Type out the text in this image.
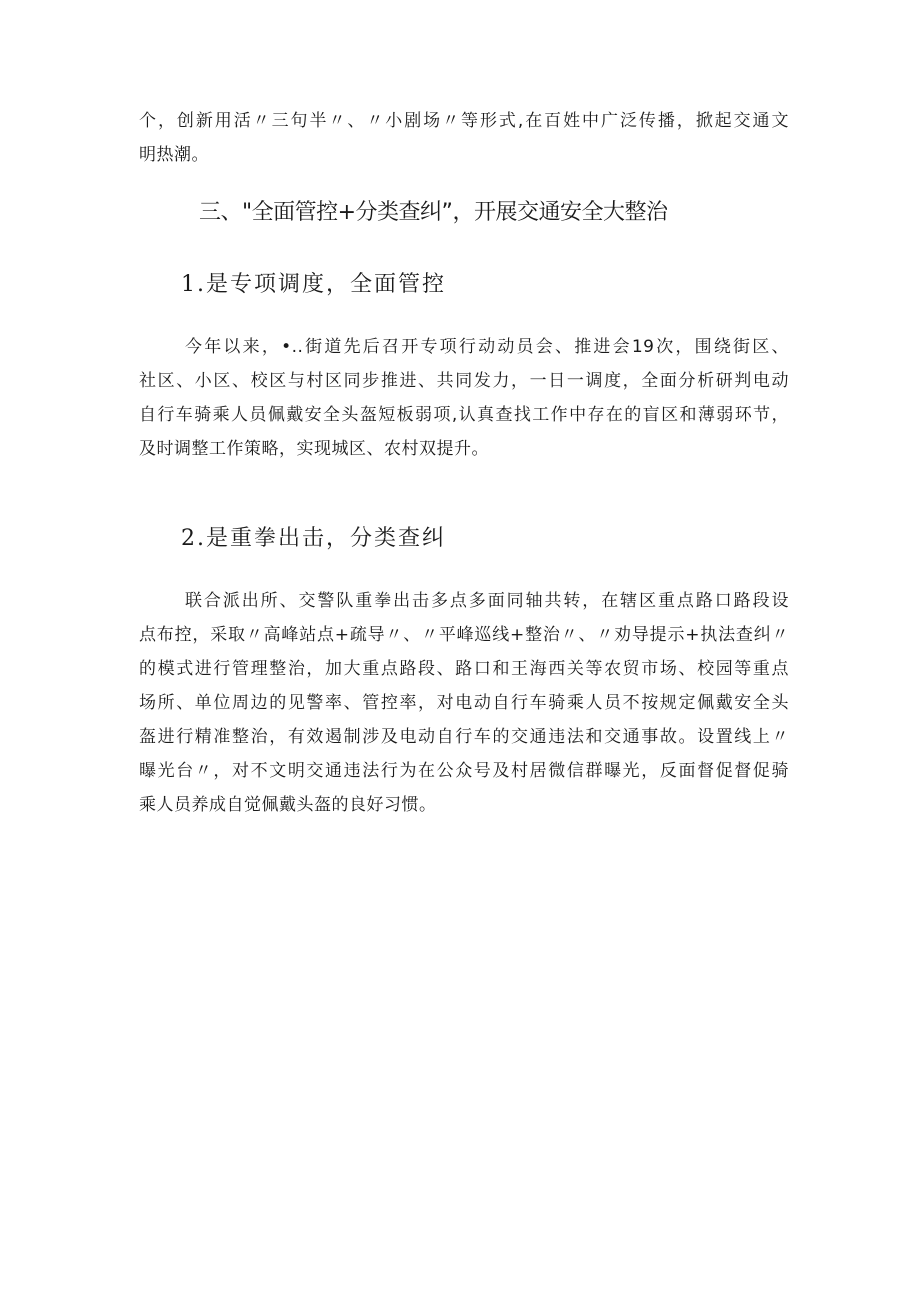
个，创新用活〃三句半〃、〃小剧场〃等形式,在百姓中广泛传播，掀起交通文
明热潮。
三、"全面管控+分类查纠”，开展交通安全大整治
1.是专项调度，全面管控
今年以来，•..街道先后召开专项行动动员会、推进会19次，围绕街区、
社区、小区、校区与村区同步推进、共同发力，一日一调度，全面分析研判电动
自行车骑乘人员佩戴安全头盔短板弱项,认真查找工作中存在的盲区和薄弱环节，
及时调整工作策略，实现城区、农村双提升。
2.是重拳出击，分类查纠
联合派出所、交警队重拳出击多点多面同轴共转，在辖区重点路口路段设
点布控，采取〃高峰站点+疏导〃、〃平峰巡线+整治〃、〃劝导提示+执法查纠〃
的模式进行管理整治，加大重点路段、路口和王海西关等农贸市场、校园等重点
场所、单位周边的见警率、管控率，对电动自行车骑乘人员不按规定佩戴安全头
盔进行精准整治，有效遏制涉及电动自行车的交通违法和交通事故。设置线上〃
曝光台〃，对不文明交通违法行为在公众号及村居微信群曝光，反面督促督促骑
乘人员养成自觉佩戴头盔的良好习惯。
